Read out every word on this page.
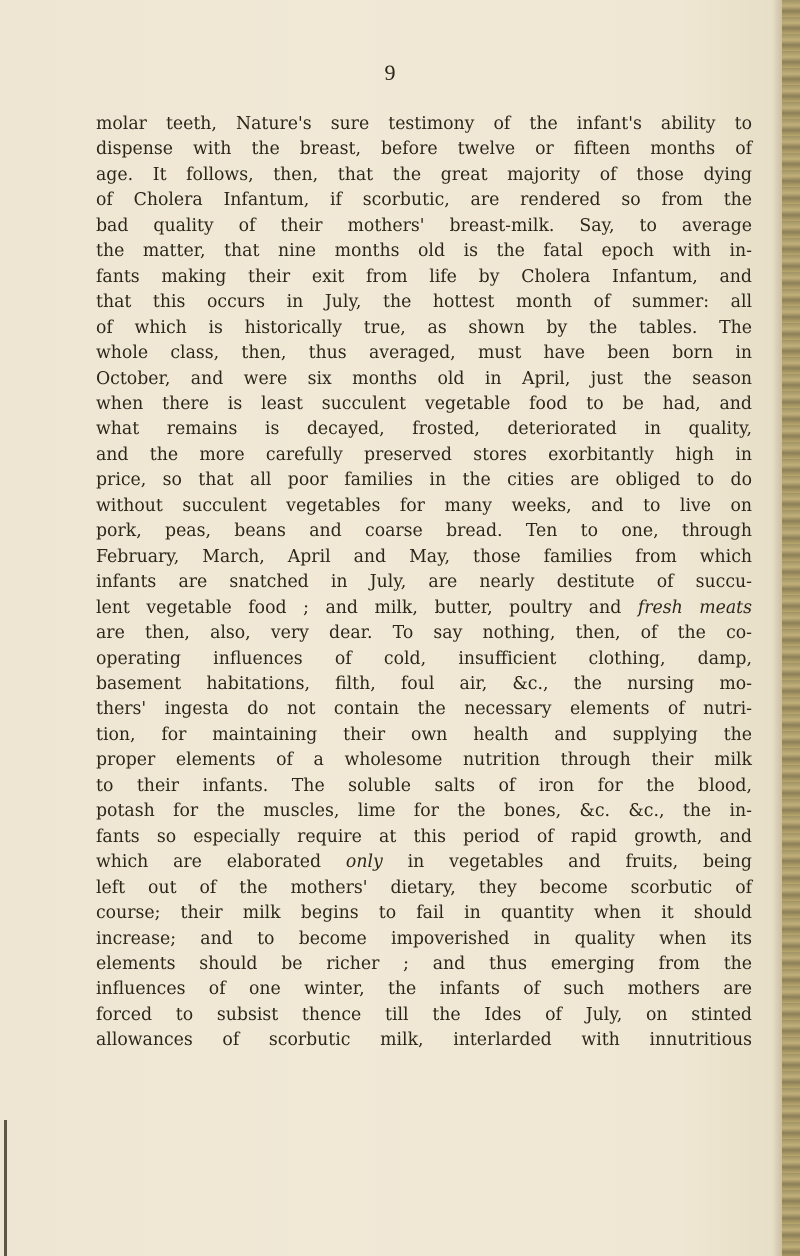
9
molar teeth, Nature's sure testimony of the infant's ability to
dispense with the breast, before twelve or fifteen months of
age. It follows, then, that the great majority of those dying
of Cholera Infantum, if scorbutic, are rendered so from the
bad quality of their mothers' breast-milk. Say, to average
the matter, that nine months old is the fatal epoch with in-
fants making their exit from life by Cholera Infantum, and
that this occurs in July, the hottest month of summer: all
of which is historically true, as shown by the tables. The
whole class, then, thus averaged, must have been born in
October, and were six months old in April, just the season
when there is least succulent vegetable food to be had, and
what remains is decayed, frosted, deteriorated in quality,
and the more carefully preserved stores exorbitantly high in
price, so that all poor families in the cities are obliged to do
without succulent vegetables for many weeks, and to live on
pork, peas, beans and coarse bread. Ten to one, through
February, March, April and May, those families from which
infants are snatched in July, are nearly destitute of succu-
lent vegetable food ; and milk, butter, poultry and fresh meats
are then, also, very dear. To say nothing, then, of the co-
operating influences of cold, insufficient clothing, damp,
basement habitations, filth, foul air, &c., the nursing mo-
thers' ingesta do not contain the necessary elements of nutri-
tion, for maintaining their own health and supplying the
proper elements of a wholesome nutrition through their milk
to their infants. The soluble salts of iron for the blood,
potash for the muscles, lime for the bones, &c. &c., the in-
fants so especially require at this period of rapid growth, and
which are elaborated only in vegetables and fruits, being
left out of the mothers' dietary, they become scorbutic of
course; their milk begins to fail in quantity when it should
increase; and to become impoverished in quality when its
elements should be richer ; and thus emerging from the
influences of one winter, the infants of such mothers are
forced to subsist thence till the Ides of July, on stinted
allowances of scorbutic milk, interlarded with innutritious
